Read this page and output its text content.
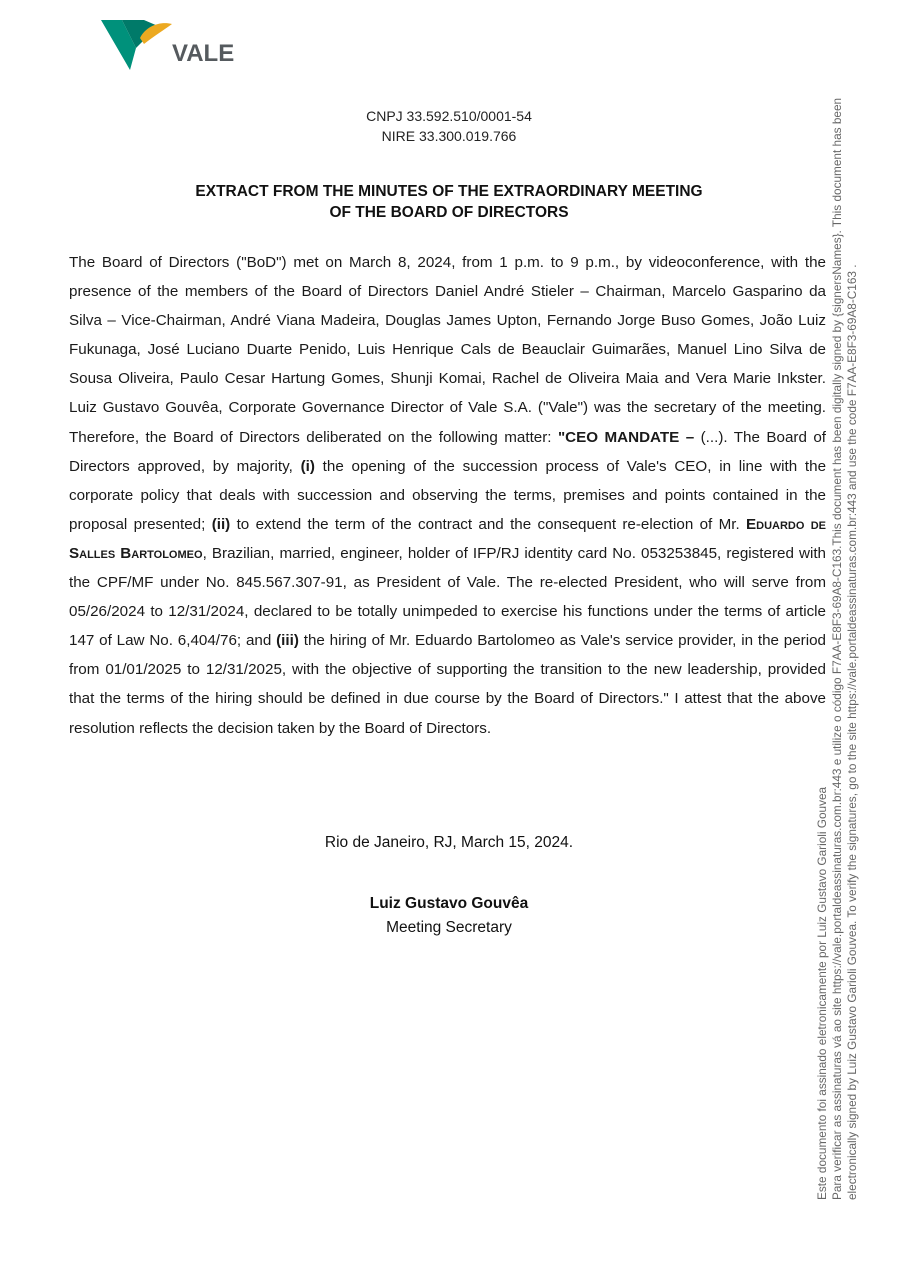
VALE
CNPJ 33.592.510/0001-54
NIRE 33.300.019.766
EXTRACT FROM THE MINUTES OF THE EXTRAORDINARY MEETING
OF THE BOARD OF DIRECTORS
The Board of Directors ("BoD") met on March 8, 2024, from 1 p.m. to 9 p.m., by videoconference, with the presence of the members of the Board of Directors Daniel André Stieler – Chairman, Marcelo Gasparino da Silva – Vice-Chairman, André Viana Madeira, Douglas James Upton, Fernando Jorge Buso Gomes, João Luiz Fukunaga, José Luciano Duarte Penido, Luis Henrique Cals de Beauclair Guimarães, Manuel Lino Silva de Sousa Oliveira, Paulo Cesar Hartung Gomes, Shunji Komai, Rachel de Oliveira Maia and Vera Marie Inkster. Luiz Gustavo Gouvêa, Corporate Governance Director of Vale S.A. ("Vale") was the secretary of the meeting. Therefore, the Board of Directors deliberated on the following matter: "CEO MANDATE – (...). The Board of Directors approved, by majority, (i) the opening of the succession process of Vale's CEO, in line with the corporate policy that deals with succession and observing the terms, premises and points contained in the proposal presented; (ii) to extend the term of the contract and the consequent re-election of Mr. Eduardo de Salles Bartolomeo, Brazilian, married, engineer, holder of IFP/RJ identity card No. 053253845, registered with the CPF/MF under No. 845.567.307-91, as President of Vale. The re-elected President, who will serve from 05/26/2024 to 12/31/2024, declared to be totally unimpeded to exercise his functions under the terms of article 147 of Law No. 6,404/76; and (iii) the hiring of Mr. Eduardo Bartolomeo as Vale's service provider, in the period from 01/01/2025 to 12/31/2025, with the objective of supporting the transition to the new leadership, provided that the terms of the hiring should be defined in due course by the Board of Directors." I attest that the above resolution reflects the decision taken by the Board of Directors.
Rio de Janeiro, RJ, March 15, 2024.
Luiz Gustavo Gouvêa
Meeting Secretary	Este documento foi assinado eletronicamente por Luiz Gustavo Garioli Gouvea Para verificar as assinaturas vá ao site https://vale.portaldeassinaturas.com.br:443 e utilize o código F7AA-E8F3-69A8-C163.This document has been digitally signed by {signersNames}. This document has been electronically signed by Luiz Gustavo Garioli Gouvea. To verify the signatures, go to the site https://vale.portaldeassinaturas.com.br:443 and use the code F7AA-E8F3-69A8-C163 .
